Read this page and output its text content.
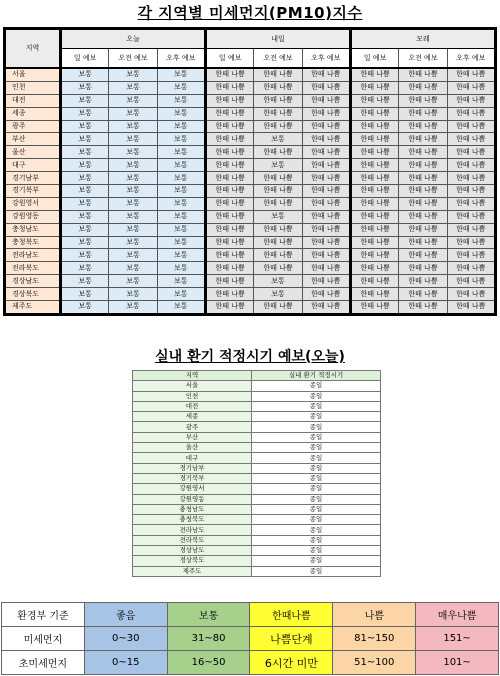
각 지역별 미세먼지(PM10)지수
지역	오늘			내일			모레		
	일 예보	오전 예보	오후 예보	일 예보	오전 예보	오후 예보	일 예보	오전 예보	오후 예보
서울	보통	보통	보통	한때 나쁨	한때 나쁨	한때 나쁨	한때 나쁨	한때 나쁨	한때 나쁨
인천	보통	보통	보통	한때 나쁨	한때 나쁨	한때 나쁨	한때 나쁨	한때 나쁨	한때 나쁨
대전	보통	보통	보통	한때 나쁨	한때 나쁨	한때 나쁨	한때 나쁨	한때 나쁨	한때 나쁨
세종	보통	보통	보통	한때 나쁨	한때 나쁨	한때 나쁨	한때 나쁨	한때 나쁨	한때 나쁨
광주	보통	보통	보통	한때 나쁨	한때 나쁨	한때 나쁨	한때 나쁨	한때 나쁨	한때 나쁨
부산	보통	보통	보통	한때 나쁨	보통	한때 나쁨	한때 나쁨	한때 나쁨	한때 나쁨
울산	보통	보통	보통	한때 나쁨	한때 나쁨	한때 나쁨	한때 나쁨	한때 나쁨	한때 나쁨
대구	보통	보통	보통	한때 나쁨	보통	한때 나쁨	한때 나쁨	한때 나쁨	한때 나쁨
경기남부	보통	보통	보통	한때 나쁨	한때 나쁨	한때 나쁨	한때 나쁨	한때 나쁨	한때 나쁨
경기북부	보통	보통	보통	한때 나쁨	한때 나쁨	한때 나쁨	한때 나쁨	한때 나쁨	한때 나쁨
강원영서	보통	보통	보통	한때 나쁨	한때 나쁨	한때 나쁨	한때 나쁨	한때 나쁨	한때 나쁨
강원영동	보통	보통	보통	한때 나쁨	보통	한때 나쁨	한때 나쁨	한때 나쁨	한때 나쁨
충청남도	보통	보통	보통	한때 나쁨	한때 나쁨	한때 나쁨	한때 나쁨	한때 나쁨	한때 나쁨
충청북도	보통	보통	보통	한때 나쁨	한때 나쁨	한때 나쁨	한때 나쁨	한때 나쁨	한때 나쁨
전라남도	보통	보통	보통	한때 나쁨	한때 나쁨	한때 나쁨	한때 나쁨	한때 나쁨	한때 나쁨
전라북도	보통	보통	보통	한때 나쁨	한때 나쁨	한때 나쁨	한때 나쁨	한때 나쁨	한때 나쁨
경상남도	보통	보통	보통	한때 나쁨	보통	한때 나쁨	한때 나쁨	한때 나쁨	한때 나쁨
경상북도	보통	보통	보통	한때 나쁨	보통	한때 나쁨	한때 나쁨	한때 나쁨	한때 나쁨
제주도	보통	보통	보통	한때 나쁨	한때 나쁨	한때 나쁨	한때 나쁨	한때 나쁨	한때 나쁨
실내 환기 적정시기 예보(오늘)
지역	실내 환기 적정시기
서울	종일
인천	종일
대전	종일
세종	종일
광주	종일
부산	종일
울산	종일
대구	종일
경기남부	종일
경기북부	종일
강원영서	종일
강원영동	종일
충청남도	종일
충청북도	종일
전라남도	종일
전라북도	종일
경상남도	종일
경상북도	종일
제주도	종일
환경부 기준	좋음	보통	한때나쁨	나쁨	매우나쁨
미세먼지	0~30	31~80	나쁨단계	81~150	151~
초미세먼지	0~15	16~50	6시간 미만	51~100	101~
